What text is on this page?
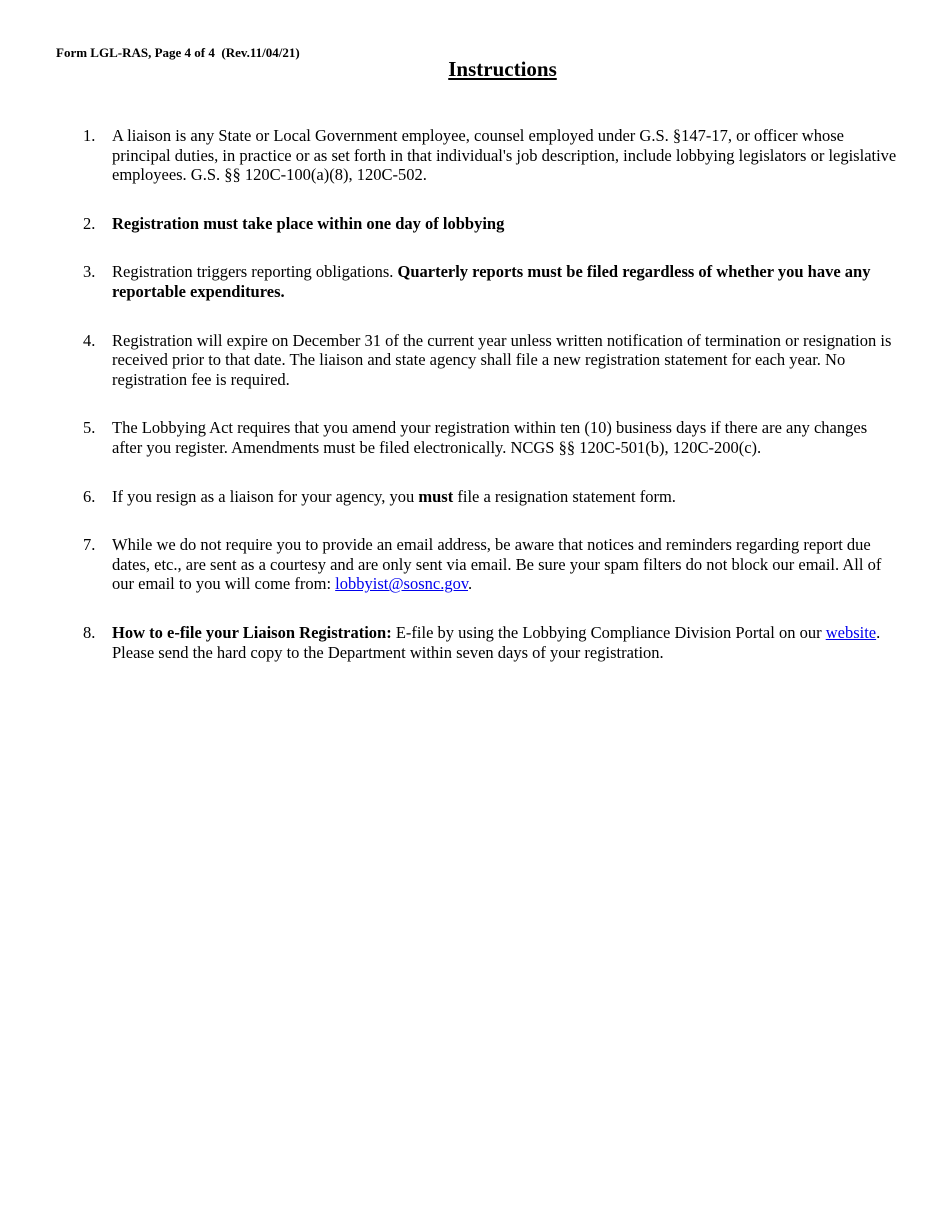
Form LGL-RAS, Page 4 of 4  (Rev.11/04/21)
Instructions
1. A liaison is any State or Local Government employee, counsel employed under G.S. §147-17, or officer whose principal duties, in practice or as set forth in that individual's job description, include lobbying legislators or legislative employees. G.S. §§ 120C-100(a)(8), 120C-502.
2. Registration must take place within one day of lobbying
3. Registration triggers reporting obligations. Quarterly reports must be filed regardless of whether you have any reportable expenditures.
4. Registration will expire on December 31 of the current year unless written notification of termination or resignation is received prior to that date. The liaison and state agency shall file a new registration statement for each year. No registration fee is required.
5. The Lobbying Act requires that you amend your registration within ten (10) business days if there are any changes after you register. Amendments must be filed electronically. NCGS §§ 120C-501(b), 120C-200(c).
6. If you resign as a liaison for your agency, you must file a resignation statement form.
7. While we do not require you to provide an email address, be aware that notices and reminders regarding report due dates, etc., are sent as a courtesy and are only sent via email. Be sure your spam filters do not block our email. All of our email to you will come from: lobbyist@sosnc.gov.
8. How to e-file your Liaison Registration: E-file by using the Lobbying Compliance Division Portal on our website. Please send the hard copy to the Department within seven days of your registration.
